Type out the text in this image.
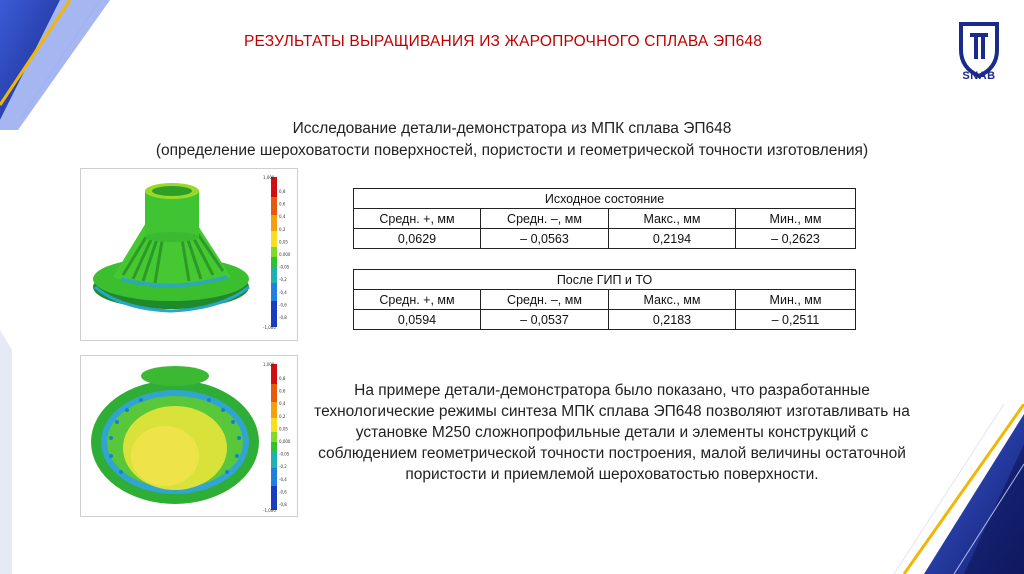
РЕЗУЛЬТАТЫ ВЫРАЩИВАНИЯ ИЗ ЖАРОПРОЧНОГО СПЛАВА ЭП648
SNAB
Исследование детали-демонстратора из МПК сплава ЭП648
(определение шероховатости поверхностей, пористости и геометрической точности изготовления)
1,000
-1,000
0,8
0,6
0,4
0,2
0,05
0,000
-0,05
-0,2
-0,4
-0,6
-0,8
1,000
-1,000
0,8
0,6
0,4
0,2
0,05
0,000
-0,05
-0,2
-0,4
-0,6
-0,8
Исходное состояние			
Средн. +, мм	Средн. –, мм	Макс., мм	Мин., мм
0,0629	– 0,0563	0,2194	– 0,2623
После ГИП и ТО			
Средн. +, мм	Средн. –, мм	Макс., мм	Мин., мм
0,0594	– 0,0537	0,2183	– 0,2511
На примере детали-демонстратора было показано, что разработанные
технологические режимы синтеза МПК сплава ЭП648 позволяют изготавливать на
установке М250 сложнопрофильные детали и элементы конструкций с
соблюдением геометрической точности построения, малой величины остаточной
пористости и приемлемой шероховатостью поверхности.
